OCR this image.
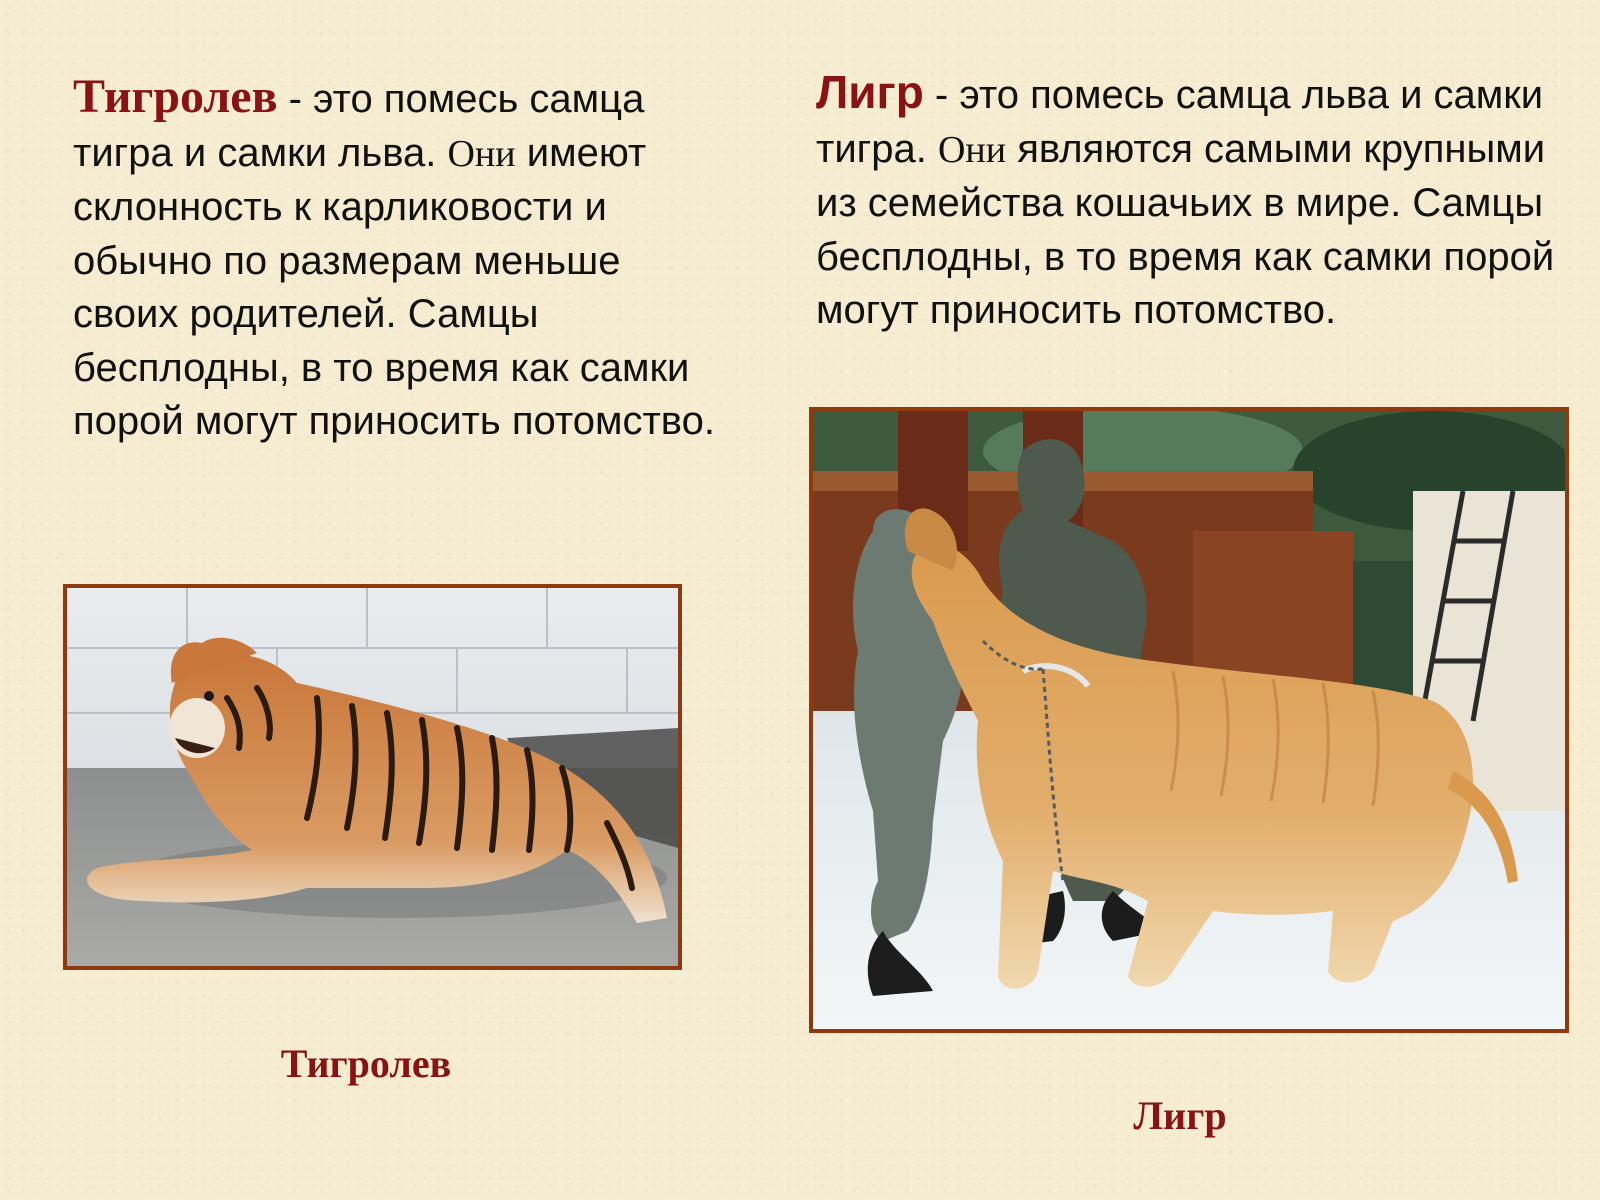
Тигролев - это помесь самца тигра и самки льва. Они имеют склонность к карликовости и обычно по размерам меньше своих родителей. Самцы бесплодны, в то время как самки порой могут приносить потомство.

Лигр - это помесь самца льва и самки тигра. Они являются самыми крупными из семейства кошачьих в мире. Самцы бесплодны, в то время как самки порой могут приносить потомство.

Тигролев
Лигр
